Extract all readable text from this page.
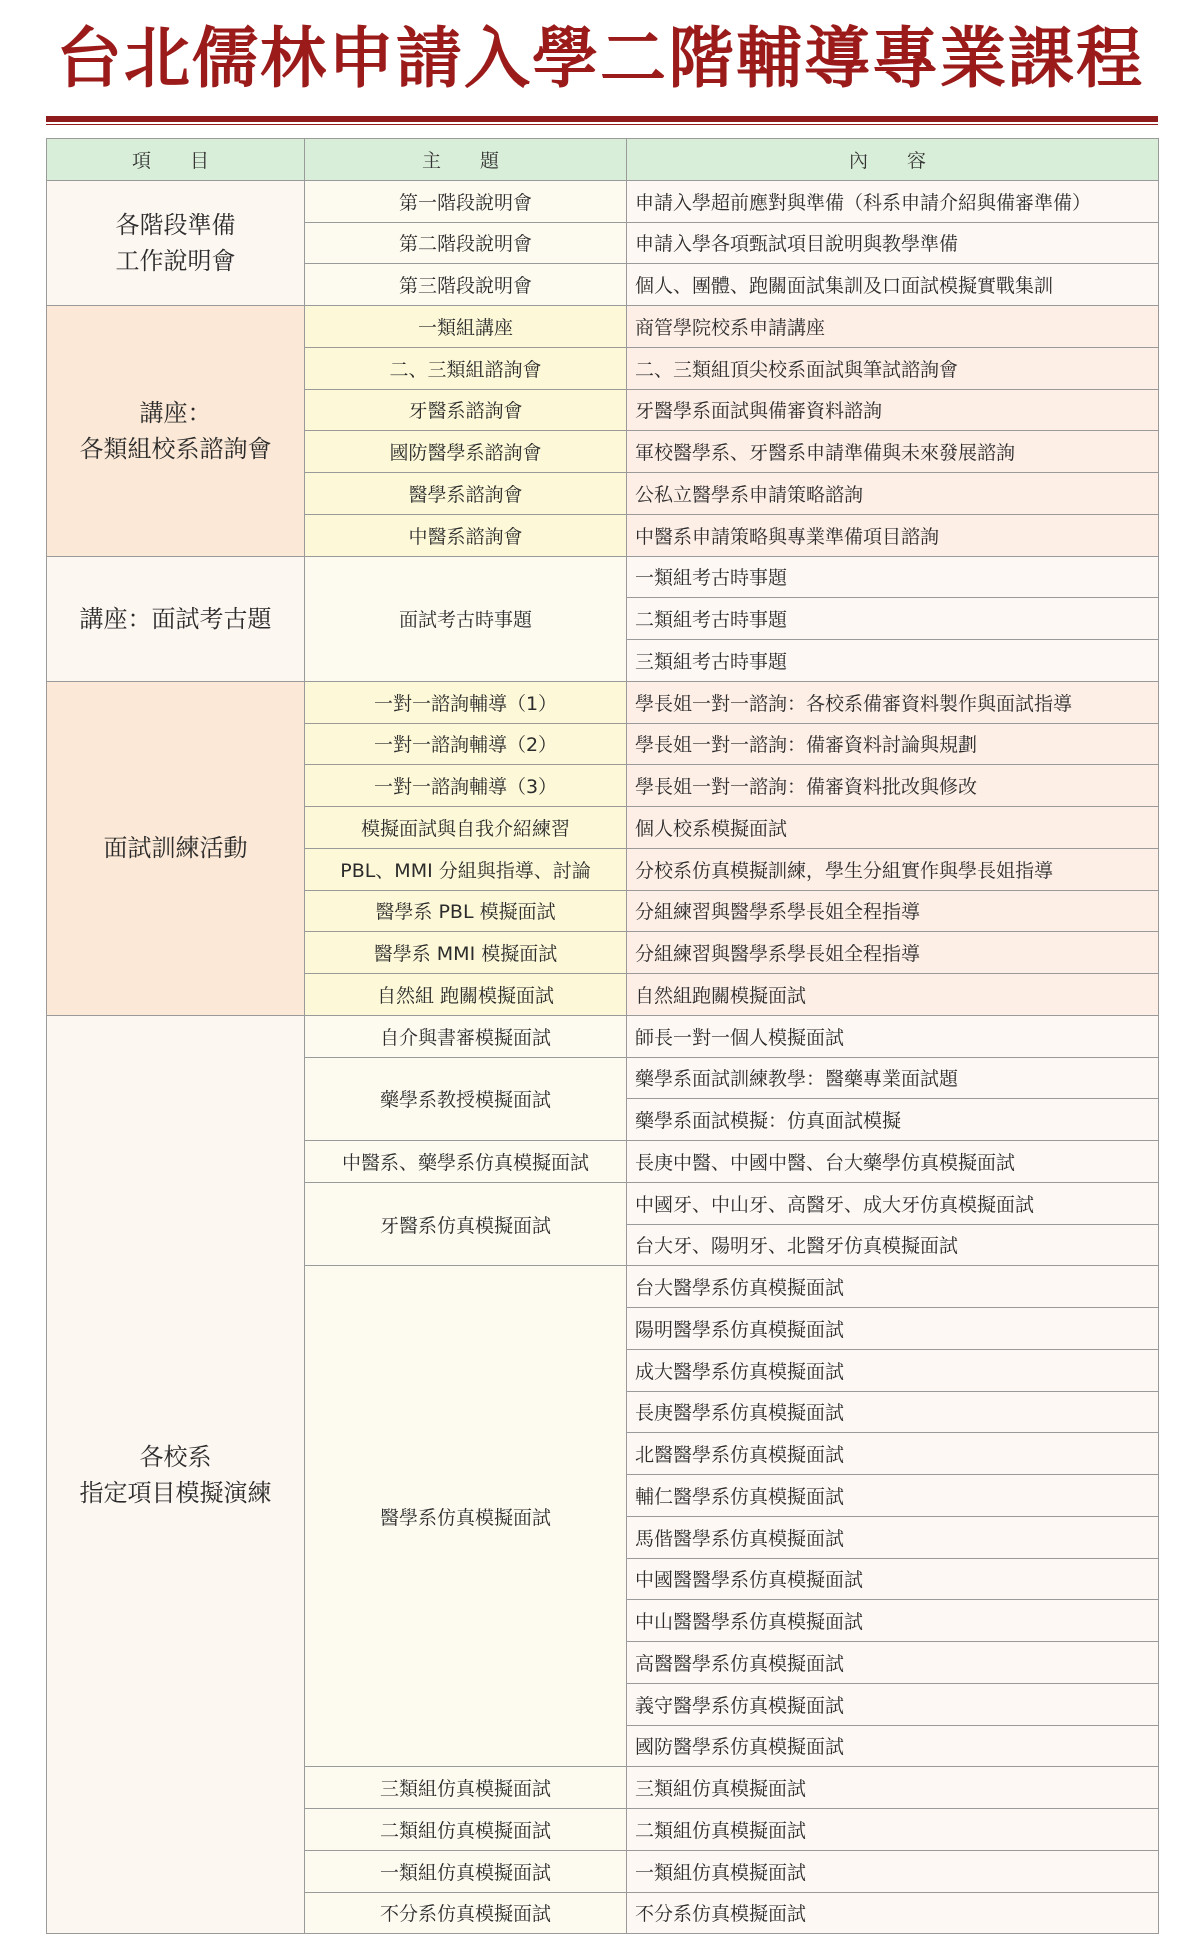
台北儒林申請入學二階輔導專業課程
項　目	主　題	內　容

各階段準備
工作說明會	第一階段說明會	申請入學超前應對與準備（科系申請介紹與備審準備）
	第二階段說明會	申請入學各項甄試項目說明與教學準備
	第三階段說明會	個人、團體、跑關面試集訓及口面試模擬實戰集訓

講座：
各類組校系諮詢會	一類組講座	商管學院校系申請講座
	二、三類組諮詢會	二、三類組頂尖校系面試與筆試諮詢會
	牙醫系諮詢會	牙醫學系面試與備審資料諮詢
	國防醫學系諮詢會	軍校醫學系、牙醫系申請準備與未來發展諮詢
	醫學系諮詢會	公私立醫學系申請策略諮詢
	中醫系諮詢會	中醫系申請策略與專業準備項目諮詢

講座：面試考古題	面試考古時事題	一類組考古時事題
		二類組考古時事題
		三類組考古時事題

面試訓練活動	一對一諮詢輔導（1）	學長姐一對一諮詢：各校系備審資料製作與面試指導
	一對一諮詢輔導（2）	學長姐一對一諮詢：備審資料討論與規劃
	一對一諮詢輔導（3）	學長姐一對一諮詢：備審資料批改與修改
	模擬面試與自我介紹練習	個人校系模擬面試
	PBL、MMI 分組與指導、討論	分校系仿真模擬訓練，學生分組實作與學長姐指導
	醫學系 PBL 模擬面試	分組練習與醫學系學長姐全程指導
	醫學系 MMI 模擬面試	分組練習與醫學系學長姐全程指導
	自然組 跑關模擬面試	自然組跑關模擬面試

各校系
指定項目模擬演練	自介與書審模擬面試	師長一對一個人模擬面試
	藥學系教授模擬面試	藥學系面試訓練教學：醫藥專業面試題
		藥學系面試模擬：仿真面試模擬
	中醫系、藥學系仿真模擬面試	長庚中醫、中國中醫、台大藥學仿真模擬面試
	牙醫系仿真模擬面試	中國牙、中山牙、高醫牙、成大牙仿真模擬面試
		台大牙、陽明牙、北醫牙仿真模擬面試
	醫學系仿真模擬面試	台大醫學系仿真模擬面試
		陽明醫學系仿真模擬面試
		成大醫學系仿真模擬面試
		長庚醫學系仿真模擬面試
		北醫醫學系仿真模擬面試
		輔仁醫學系仿真模擬面試
		馬偕醫學系仿真模擬面試
		中國醫醫學系仿真模擬面試
		中山醫醫學系仿真模擬面試
		高醫醫學系仿真模擬面試
		義守醫學系仿真模擬面試
		國防醫學系仿真模擬面試
	三類組仿真模擬面試	三類組仿真模擬面試
	二類組仿真模擬面試	二類組仿真模擬面試
	一類組仿真模擬面試	一類組仿真模擬面試
	不分系仿真模擬面試	不分系仿真模擬面試
